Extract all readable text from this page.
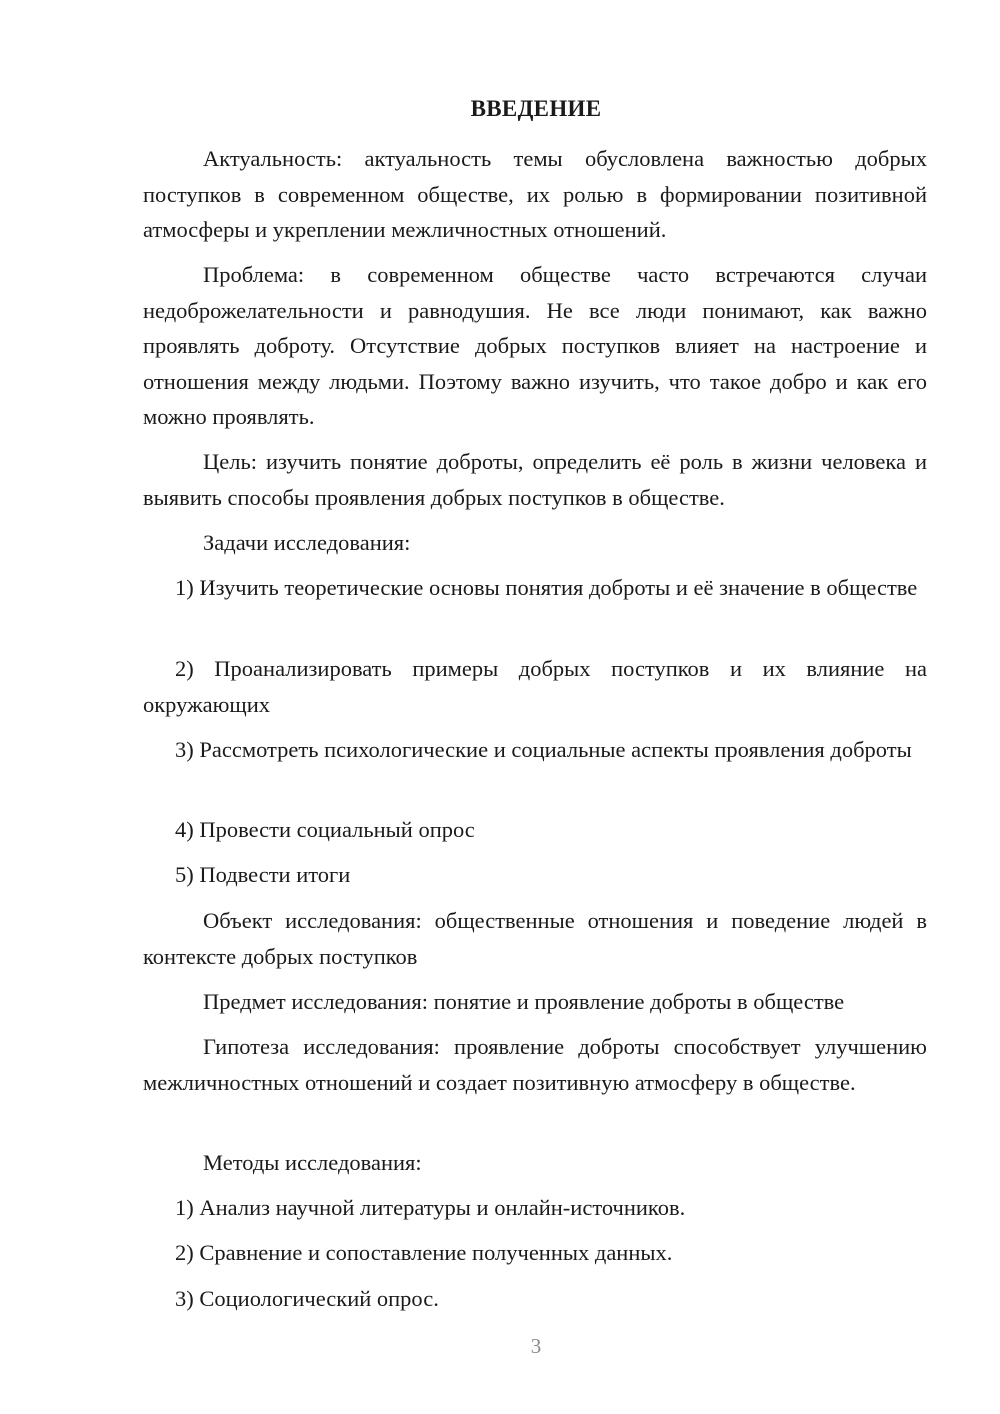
ВВЕДЕНИЕ

Актуальность: актуальность темы обусловлена важностью добрых поступков в современном обществе, их ролью в формировании позитивной атмосферы и укреплении межличностных отношений.

Проблема: в современном обществе часто встречаются случаи недоброжелательности и равнодушия. Не все люди понимают, как важно проявлять доброту. Отсутствие добрых поступков влияет на настроение и отношения между людьми. Поэтому важно изучить, что такое добро и как его можно проявлять.

Цель: изучить понятие доброты, определить её роль в жизни человека и выявить способы проявления добрых поступков в обществе.

Задачи исследования:

1) Изучить теоретические основы понятия доброты и её значение в обществе

2) Проанализировать примеры добрых поступков и их влияние на окружающих

3) Рассмотреть психологические и социальные аспекты проявления доброты

4) Провести социальный опрос

5) Подвести итоги

Объект исследования: общественные отношения и поведение людей в контексте добрых поступков

Предмет исследования: понятие и проявление доброты в обществе

Гипотеза исследования: проявление доброты способствует улучшению межличностных отношений и создает позитивную атмосферу в обществе.

Методы исследования:

1) Анализ научной литературы и онлайн-источников.

2) Сравнение и сопоставление полученных данных.

3) Социологический опрос.

3
